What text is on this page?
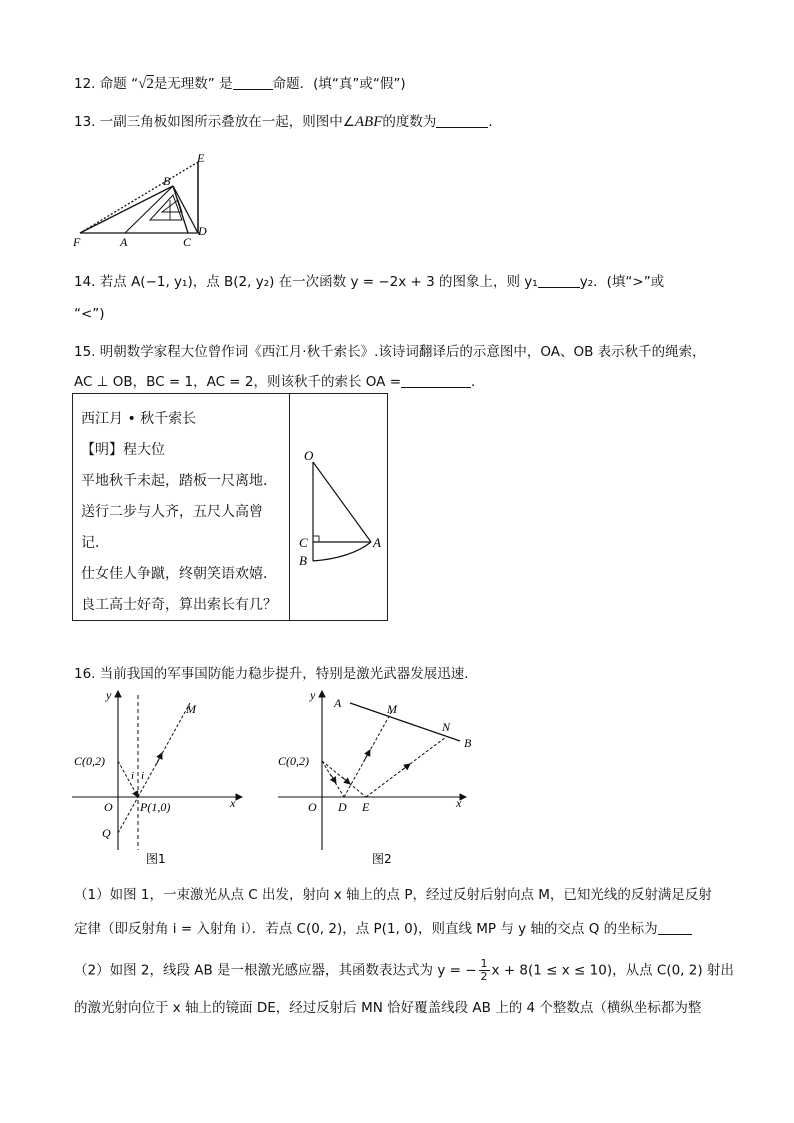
12. 命题 “√2是无理数” 是	命题．(填“真”或“假”)
13. 一副三角板如图所示叠放在一起，则图中∠ABF的度数为	．
E
B
F	A	C
D
14. 若点 A(−1, y₁)，点 B(2, y₂) 在一次函数 y = −2x + 3 的图象上，则 y₁	y₂．(填“>”或
“<”)
15. 明朝数学家程大位曾作词《西江月·秋千索长》.该诗词翻译后的示意图中，OA、OB 表示秋千的绳索，
AC ⊥ OB，BC = 1，AC = 2，则该秋千的索长 OA =	．
西江月 • 秋千索长
【明】程大位
平地秋千未起，踏板一尺离地．
送行二步与人齐，五尺人高曾
记．
仕女佳人争蹴，终朝笑语欢嬉．
良工高士好奇，算出索长有几？
O
C	A
B
16. 当前我国的军事国防能力稳步提升，特别是激光武器发展迅速．
y
x
M
C(0,2)
i i
O P(1,0)
Q
图1
y
x
A	M
N
B
C(0,2)
O D E
图2
（1）如图 1，一束激光从点 C 出发，射向 x 轴上的点 P，经过反射后射向点 M，已知光线的反射满足反射
定律（即反射角 i = 入射角 i）．若点 C(0, 2)，点 P(1, 0)，则直线 MP 与 y 轴的交点 Q 的坐标为
（2）如图 2，线段 AB 是一根激光感应器，其函数表达式为 y = − $\frac{1}{2}$ x + 8(1 ≤ x ≤ 10)，从点 C(0, 2) 射出
的激光射向位于 x 轴上的镜面 DE，经过反射后 MN 恰好覆盖线段 AB 上的 4 个整数点（横纵坐标都为整
